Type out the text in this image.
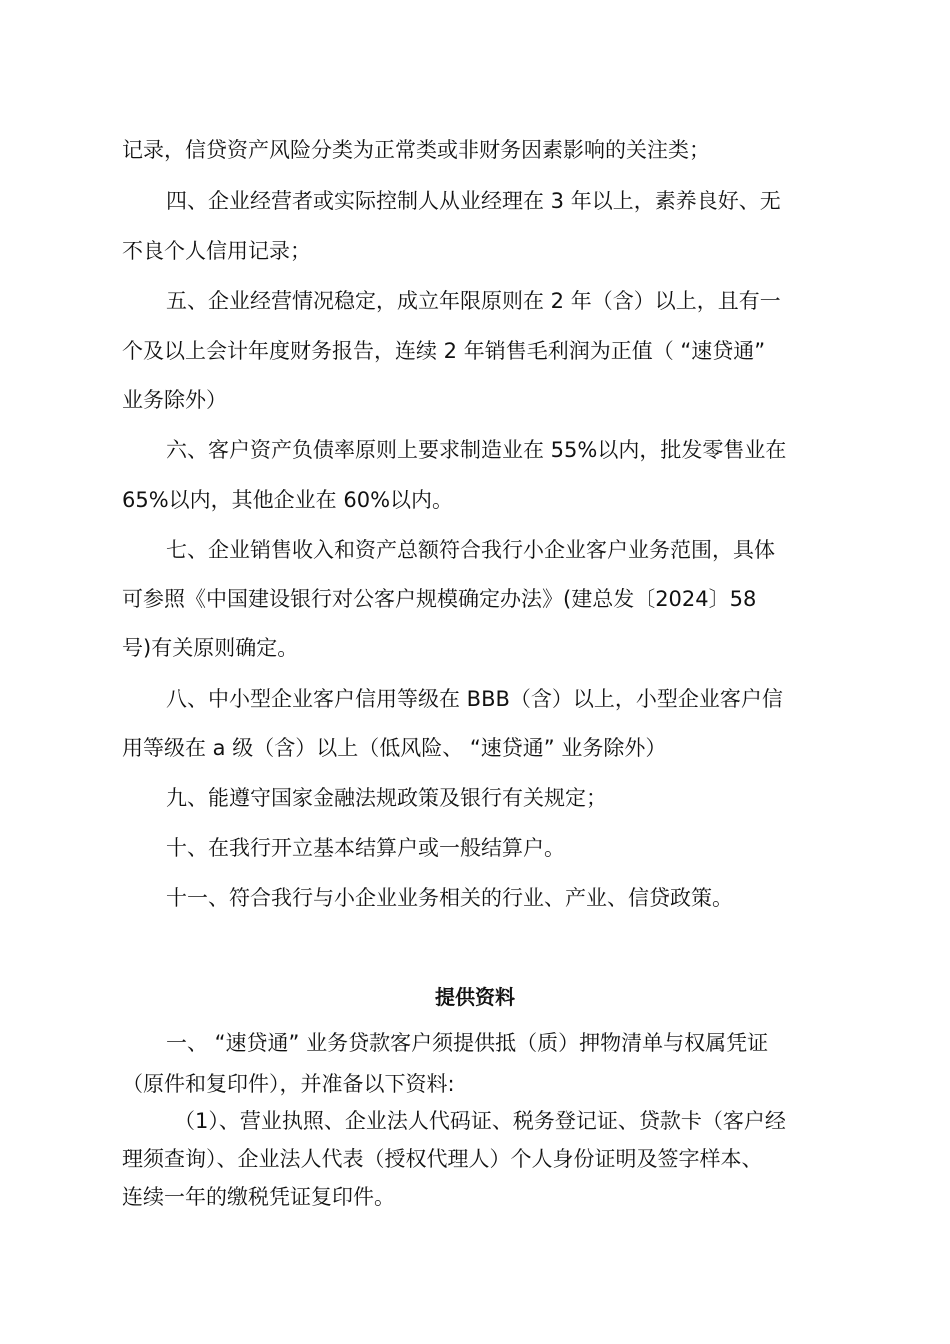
记录，信贷资产风险分类为正常类或非财务因素影响的关注类；
四、企业经营者或实际控制人从业经理在 3 年以上，素养良好、无
不良个人信用记录；
五、企业经营情况稳定，成立年限原则在 2 年（含）以上，且有一
个及以上会计年度财务报告，连续 2 年销售毛利润为正值（ “速贷通”
业务除外）
六、客户资产负债率原则上要求制造业在 55%以内，批发零售业在
65%以内，其他企业在 60%以内。
七、企业销售收入和资产总额符合我行小企业客户业务范围，具体
可参照《中国建设银行对公客户规模确定办法》(建总发〔2024〕58
号)有关原则确定。
八、中小型企业客户信用等级在 BBB（含）以上，小型企业客户信
用等级在 a 级（含）以上（低风险、 “速贷通” 业务除外）
九、能遵守国家金融法规政策及银行有关规定；
十、在我行开立基本结算户或一般结算户。
十一、符合我行与小企业业务相关的行业、产业、信贷政策。
提供资料
一、 “速贷通” 业务贷款客户须提供抵（质）押物清单与权属凭证
（原件和复印件），并准备以下资料:
（1）、营业执照、企业法人代码证、税务登记证、贷款卡（客户经
理须查询）、企业法人代表（授权代理人）个人身份证明及签字样本、
连续一年的缴税凭证复印件。
